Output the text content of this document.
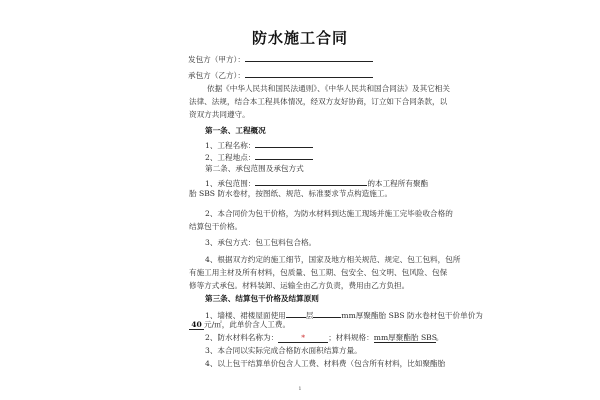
防水施工合同
发包方（甲方）：
承包方（乙方）：
依据《中华人民共和国民法通则》、《中华人民共和国合同法》及其它相关
法律、法规，结合本工程具体情况，经双方友好协商，订立如下合同条款，以
资双方共同遵守。
第一条、工程概况
1、工程名称：
2、工程地点：
第二条、承包范围及承包方式
1、承包范围：	的本工程所有聚酯
胎 SBS 防水卷材，按图纸、规范、标准要求节点构造施工。
2、本合同价为包干价格，为防水材料到达施工现场并施工完毕验收合格的
结算包干价格。
3、承包方式：包工包料包合格。
4、根据双方约定的施工细节，国家及地方相关规范、规定、包工包料，包所
有施工用主材及所有材料，包质量、包工期、包安全、包文明、包风险、包保
修等方式承包。材料装卸、运输全由乙方负责，费用由乙方负担。
第三条、结算包干价格及结算原则
1、墙楼、裙楼屋面使用	层	mm厚聚酯胎 SBS 防水卷材包干价单价为
40 元/㎡，此单价含人工费。
2、防水材料名称为：	*	；材料规格：mm厚聚酯胎 SBS。
3、本合同以实际完成合格防水面积结算方量。
4、以上包干结算单价包含人工费、材料费（包含所有材料，比如聚酯胎
1
